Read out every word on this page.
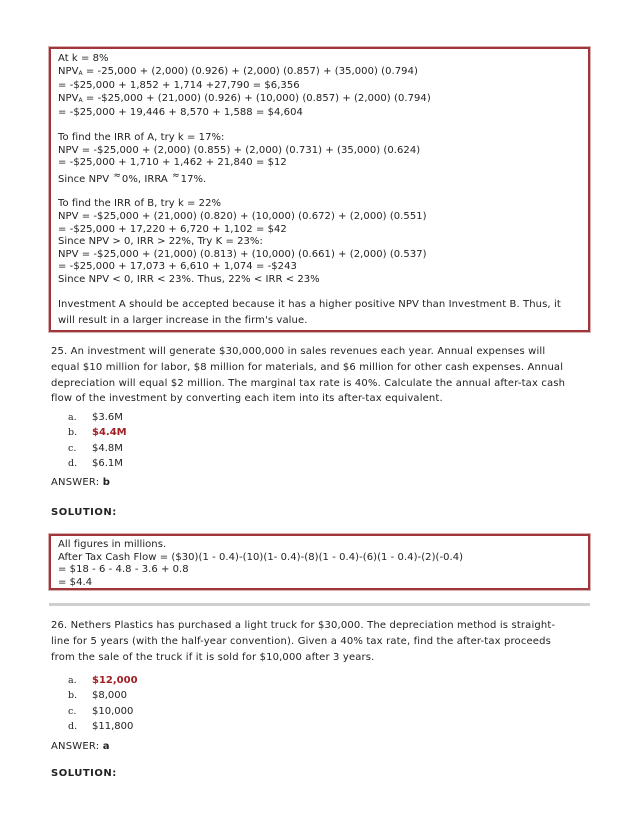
At k = 8%
NPVA = -25,000 + (2,000) (0.926) + (2,000) (0.857) + (35,000) (0.794)
= -$25,000 + 1,852 + 1,714 +27,790 = $6,356
NPVA = -$25,000 + (21,000) (0.926) + (10,000) (0.857) + (2,000) (0.794)
= -$25,000 + 19,446 + 8,570 + 1,588 = $4,604
To find the IRR of A, try k = 17%:
NPV = -$25,000 + (2,000) (0.855) + (2,000) (0.731) + (35,000) (0.624)
= -$25,000 + 1,710 + 1,462 + 21,840 = $12
Since NPV ≈0%, IRRA ≈17%.
To find the IRR of B, try k = 22%
NPV = -$25,000 + (21,000) (0.820) + (10,000) (0.672) + (2,000) (0.551)
= -$25,000 + 17,220 + 6,720 + 1,102 = $42
Since NPV > 0, IRR > 22%, Try K = 23%:
NPV = -$25,000 + (21,000) (0.813) + (10,000) (0.661) + (2,000) (0.537)
= -$25,000 + 17,073 + 6,610 + 1,074 = -$243
Since NPV < 0, IRR < 23%. Thus, 22% < IRR < 23%
Investment A should be accepted because it has a higher positive NPV than Investment B. Thus, it
will result in a larger increase in the firm's value.
25. An investment will generate $30,000,000 in sales revenues each year. Annual expenses will
equal $10 million for labor, $8 million for materials, and $6 million for other cash expenses. Annual
depreciation will equal $2 million. The marginal tax rate is 40%. Calculate the annual after-tax cash
flow of the investment by converting each item into its after-tax equivalent.
a. $3.6M
b. $4.4M
c. $4.8M
d. $6.1M
ANSWER: b
SOLUTION:
All figures in millions.
After Tax Cash Flow = ($30)(1 - 0.4)-(10)(1- 0.4)-(8)(1 - 0.4)-(6)(1 - 0.4)-(2)(-0.4)
= $18 - 6 - 4.8 - 3.6 + 0.8
= $4.4
26. Nethers Plastics has purchased a light truck for $30,000. The depreciation method is straight-
line for 5 years (with the half-year convention). Given a 40% tax rate, find the after-tax proceeds
from the sale of the truck if it is sold for $10,000 after 3 years.
a. $12,000
b. $8,000
c. $10,000
d. $11,800
ANSWER: a
SOLUTION:
